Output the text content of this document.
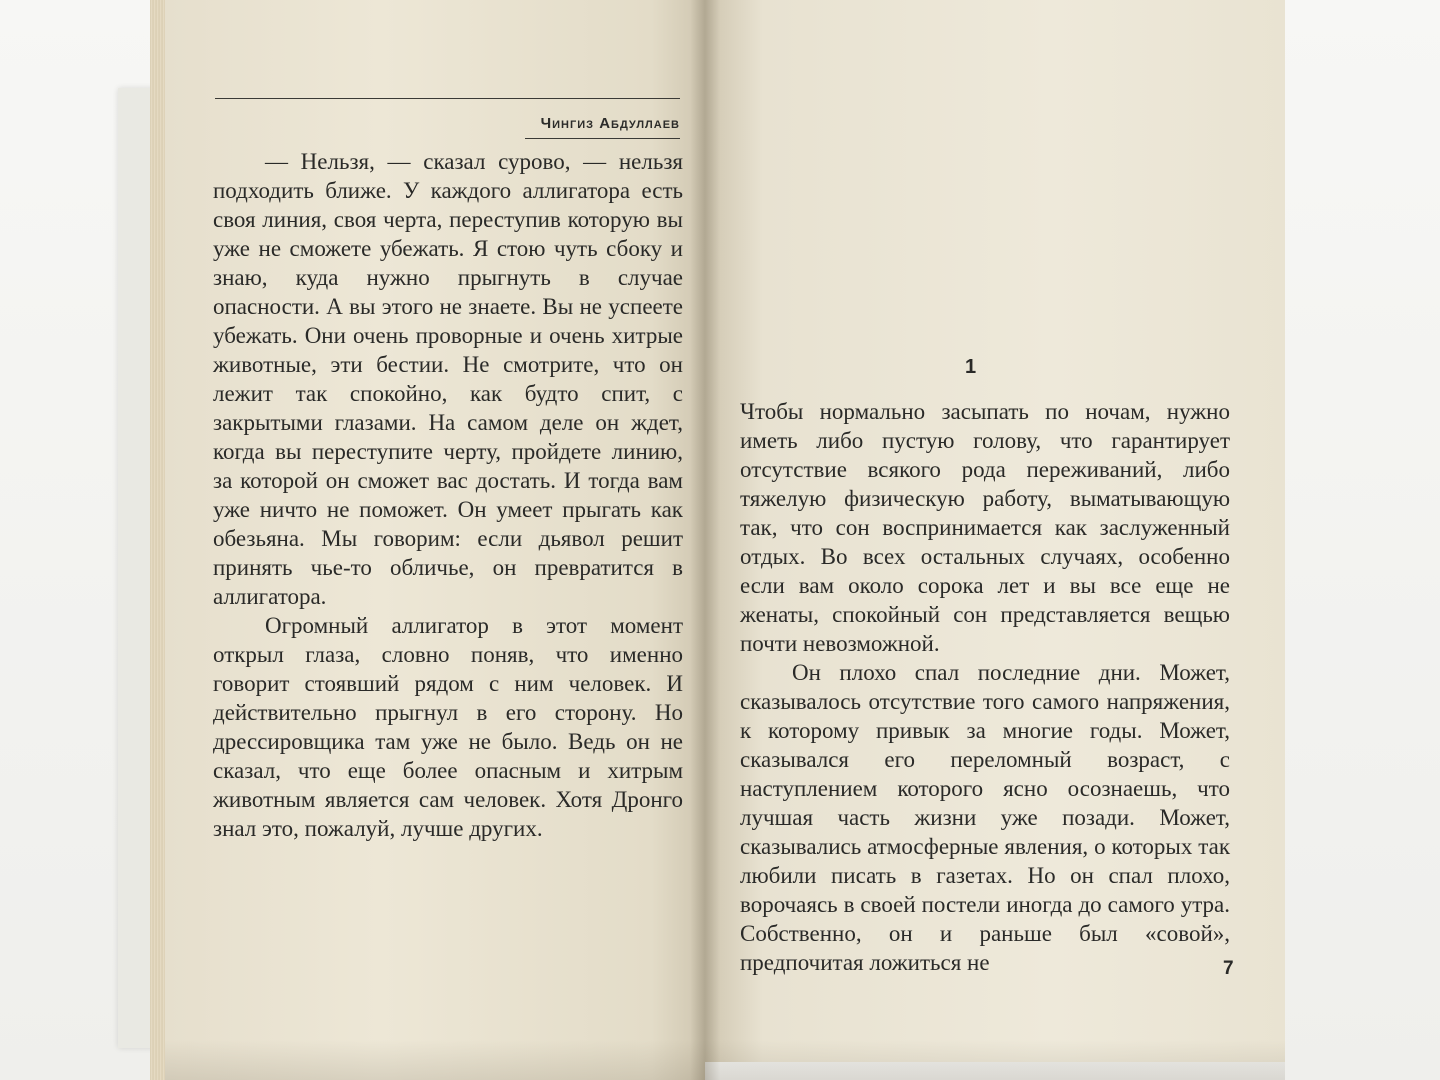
Чингиз Абдуллаев

— Нельзя, — сказал сурово, — нельзя подходить ближе. У каждого аллигатора есть своя линия, своя черта, переступив которую вы уже не сможете убежать. Я стою чуть сбоку и знаю, куда нужно прыгнуть в случае опасности. А вы этого не знаете. Вы не успеете убежать. Они очень проворные и очень хитрые животные, эти бестии. Не смотрите, что он лежит так спокойно, как будто спит, с закрытыми глазами. На самом деле он ждет, когда вы переступите черту, пройдете линию, за которой он сможет вас достать. И тогда вам уже ничто не поможет. Он умеет прыгать как обезьяна. Мы говорим: если дьявол решит принять чье-то обличье, он превратится в аллигатора.

Огромный аллигатор в этот момент открыл глаза, словно поняв, что именно говорит стоявший рядом с ним человек. И действительно прыгнул в его сторону. Но дрессировщика там уже не было. Ведь он не сказал, что еще более опасным и хитрым животным является сам человек. Хотя Дронго знал это, пожалуй, лучше других.

1

Чтобы нормально засыпать по ночам, нужно иметь либо пустую голову, что гарантирует отсутствие всякого рода переживаний, либо тяжелую физическую работу, выматывающую так, что сон воспринимается как заслуженный отдых. Во всех остальных случаях, особенно если вам около сорока лет и вы все еще не женаты, спокойный сон представляется вещью почти невозможной.

Он плохо спал последние дни. Может, сказывалось отсутствие того самого напряжения, к которому привык за многие годы. Может, сказывался его переломный возраст, с наступлением которого ясно осознаешь, что лучшая часть жизни уже позади. Может, сказывались атмосферные явления, о которых так любили писать в газетах. Но он спал плохо, ворочаясь в своей постели иногда до самого утра. Собственно, он и раньше был «совой», предпочитая ложиться не	7
